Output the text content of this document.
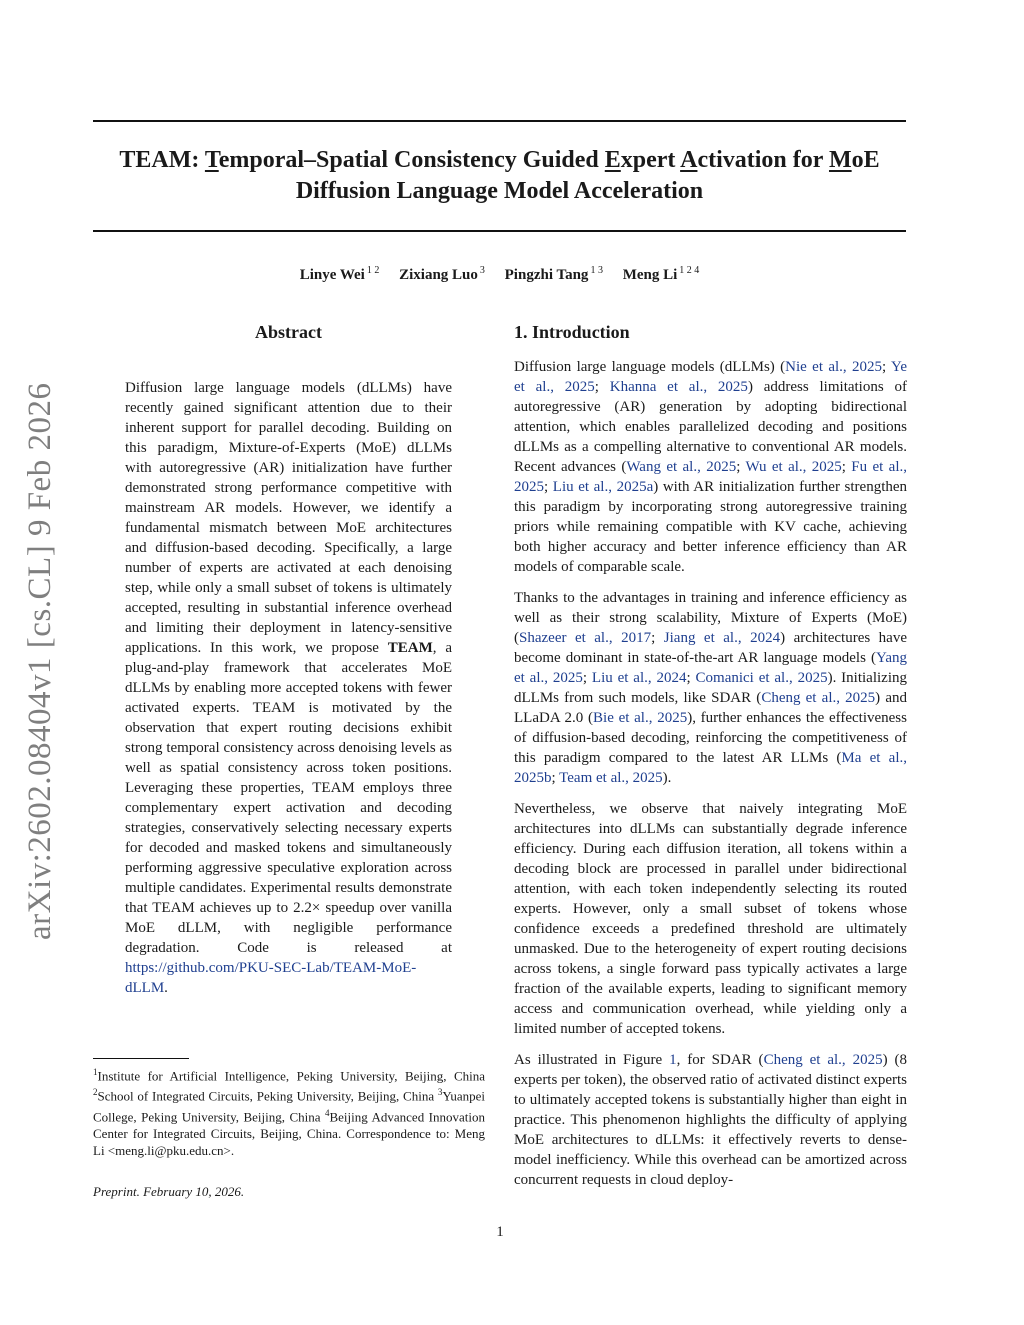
TEAM: Temporal–Spatial Consistency Guided Expert Activation for MoE
Diffusion Language Model Acceleration
Linye Wei $^{1 2}$ Zixiang Luo $^3$ Pingzhi Tang $^{1 3}$ Meng Li $^{1 2 4}$
arXiv:2602.08404v1 [cs.CL] 9 Feb 2026
Abstract
Diffusion large language models (dLLMs) have recently gained significant attention due to their inherent support for parallel decoding. Building on this paradigm, Mixture-of-Experts (MoE) dLLMs with autoregressive (AR) initialization have further demonstrated strong performance competitive with mainstream AR models. However, we identify a fundamental mismatch between MoE architectures and diffusion-based decoding. Specifically, a large number of experts are activated at each denoising step, while only a small subset of tokens is ultimately accepted, resulting in substantial inference overhead and limiting their deployment in latency-sensitive applications. In this work, we propose TEAM, a plug-and-play framework that accelerates MoE dLLMs by enabling more accepted tokens with fewer activated experts. TEAM is motivated by the observation that expert routing decisions exhibit strong temporal consistency across denoising levels as well as spatial consistency across token positions. Leveraging these properties, TEAM employs three complementary expert activation and decoding strategies, conservatively selecting necessary experts for decoded and masked tokens and simultaneously performing aggressive speculative exploration across multiple candidates. Experimental results demonstrate that TEAM achieves up to 2.2× speedup over vanilla MoE dLLM, with negligible performance degradation. Code is released at https://github.com/PKU-SEC-Lab/TEAM-MoE-dLLM.
$^1$Institute for Artificial Intelligence, Peking University, Beijing, China $^2$School of Integrated Circuits, Peking University, Beijing, China $^3$Yuanpei College, Peking University, Beijing, China $^4$Beijing Advanced Innovation Center for Integrated Circuits, Beijing, China. Correspondence to: Meng Li <meng.li@pku.edu.cn>.
Preprint. February 10, 2026.
1. Introduction

Diffusion large language models (dLLMs) (Nie et al., 2025; Ye et al., 2025; Khanna et al., 2025) address limitations of autoregressive (AR) generation by adopting bidirectional attention, which enables parallelized decoding and positions dLLMs as a compelling alternative to conventional AR models. Recent advances (Wang et al., 2025; Wu et al., 2025; Fu et al., 2025; Liu et al., 2025a) with AR initialization further strengthen this paradigm by incorporating strong autoregressive training priors while remaining compatible with KV cache, achieving both higher accuracy and better inference efficiency than AR models of comparable scale.

Thanks to the advantages in training and inference efficiency as well as their strong scalability, Mixture of Experts (MoE) (Shazeer et al., 2017; Jiang et al., 2024) architectures have become dominant in state-of-the-art AR language models (Yang et al., 2025; Liu et al., 2024; Comanici et al., 2025). Initializing dLLMs from such models, like SDAR (Cheng et al., 2025) and LLaDA 2.0 (Bie et al., 2025), further enhances the effectiveness of diffusion-based decoding, reinforcing the competitiveness of this paradigm compared to the latest AR LLMs (Ma et al., 2025b; Team et al., 2025).

Nevertheless, we observe that naively integrating MoE architectures into dLLMs can substantially degrade inference efficiency. During each diffusion iteration, all tokens within a decoding block are processed in parallel under bidirectional attention, with each token independently selecting its routed experts. However, only a small subset of tokens whose confidence exceeds a predefined threshold are ultimately unmasked. Due to the heterogeneity of expert routing decisions across tokens, a single forward pass typically activates a large fraction of the available experts, leading to significant memory access and communication overhead, while yielding only a limited number of accepted tokens.

As illustrated in Figure 1, for SDAR (Cheng et al., 2025) (8 experts per token), the observed ratio of activated distinct experts to ultimately accepted tokens is substantially higher than eight in practice. This phenomenon highlights the difficulty of applying MoE architectures to dLLMs: it effectively reverts to dense-model inefficiency. While this overhead can be amortized across concurrent requests in cloud deploy-

1
